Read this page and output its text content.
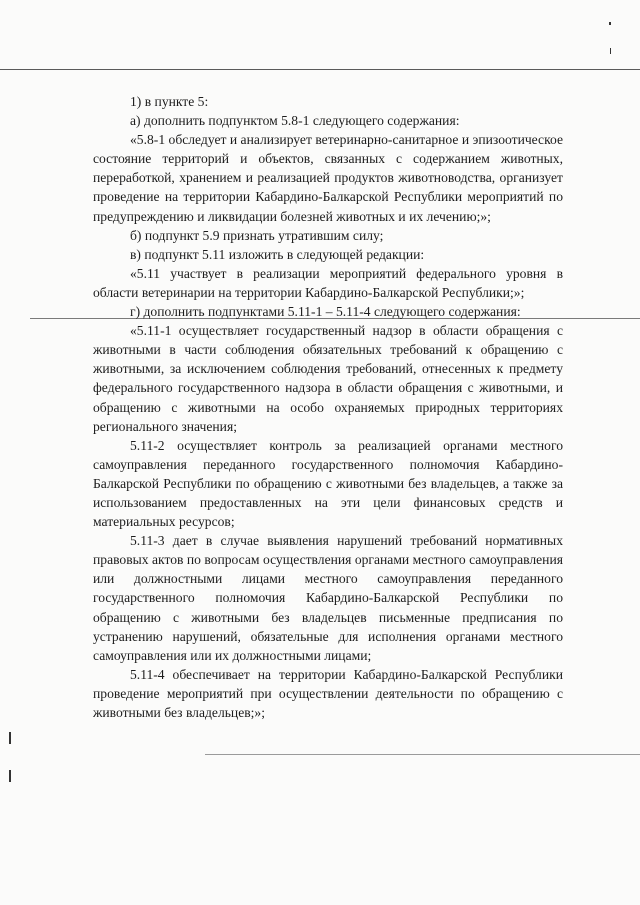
1) в пункте 5:

а) дополнить подпунктом 5.8-1 следующего содержания:

«5.8-1 обследует и анализирует ветеринарно-санитарное и эпизоотическое состояние территорий и объектов, связанных с содержанием животных, переработкой, хранением и реализацией продуктов животноводства, организует проведение на территории Кабардино-Балкарской Республики мероприятий по предупреждению и ликвидации болезней животных и их лечению;»;

б) подпункт 5.9 признать утратившим силу;

в) подпункт 5.11 изложить в следующей редакции:

«5.11 участвует в реализации мероприятий федерального уровня в области ветеринарии на территории Кабардино-Балкарской Республики;»;

г) дополнить подпунктами 5.11-1 – 5.11-4 следующего содержания:

«5.11-1 осуществляет государственный надзор в области обращения с животными в части соблюдения обязательных требований к обращению с животными, за исключением соблюдения требований, отнесенных к предмету федерального государственного надзора в области обращения с животными, и обращению с животными на особо охраняемых природных территориях регионального значения;

5.11-2 осуществляет контроль за реализацией органами местного самоуправления переданного государственного полномочия Кабардино-Балкарской Республики по обращению с животными без владельцев, а также за использованием предоставленных на эти цели финансовых средств и материальных ресурсов;

5.11-3 дает в случае выявления нарушений требований нормативных правовых актов по вопросам осуществления органами местного самоуправления или должностными лицами местного самоуправления переданного государственного полномочия Кабардино-Балкарской Республики по обращению с животными без владельцев письменные предписания по устранению нарушений, обязательные для исполнения органами местного самоуправления или их должностными лицами;

5.11-4 обеспечивает на территории Кабардино-Балкарской Республики проведение мероприятий при осуществлении деятельности по обращению с животными без владельцев;»;
